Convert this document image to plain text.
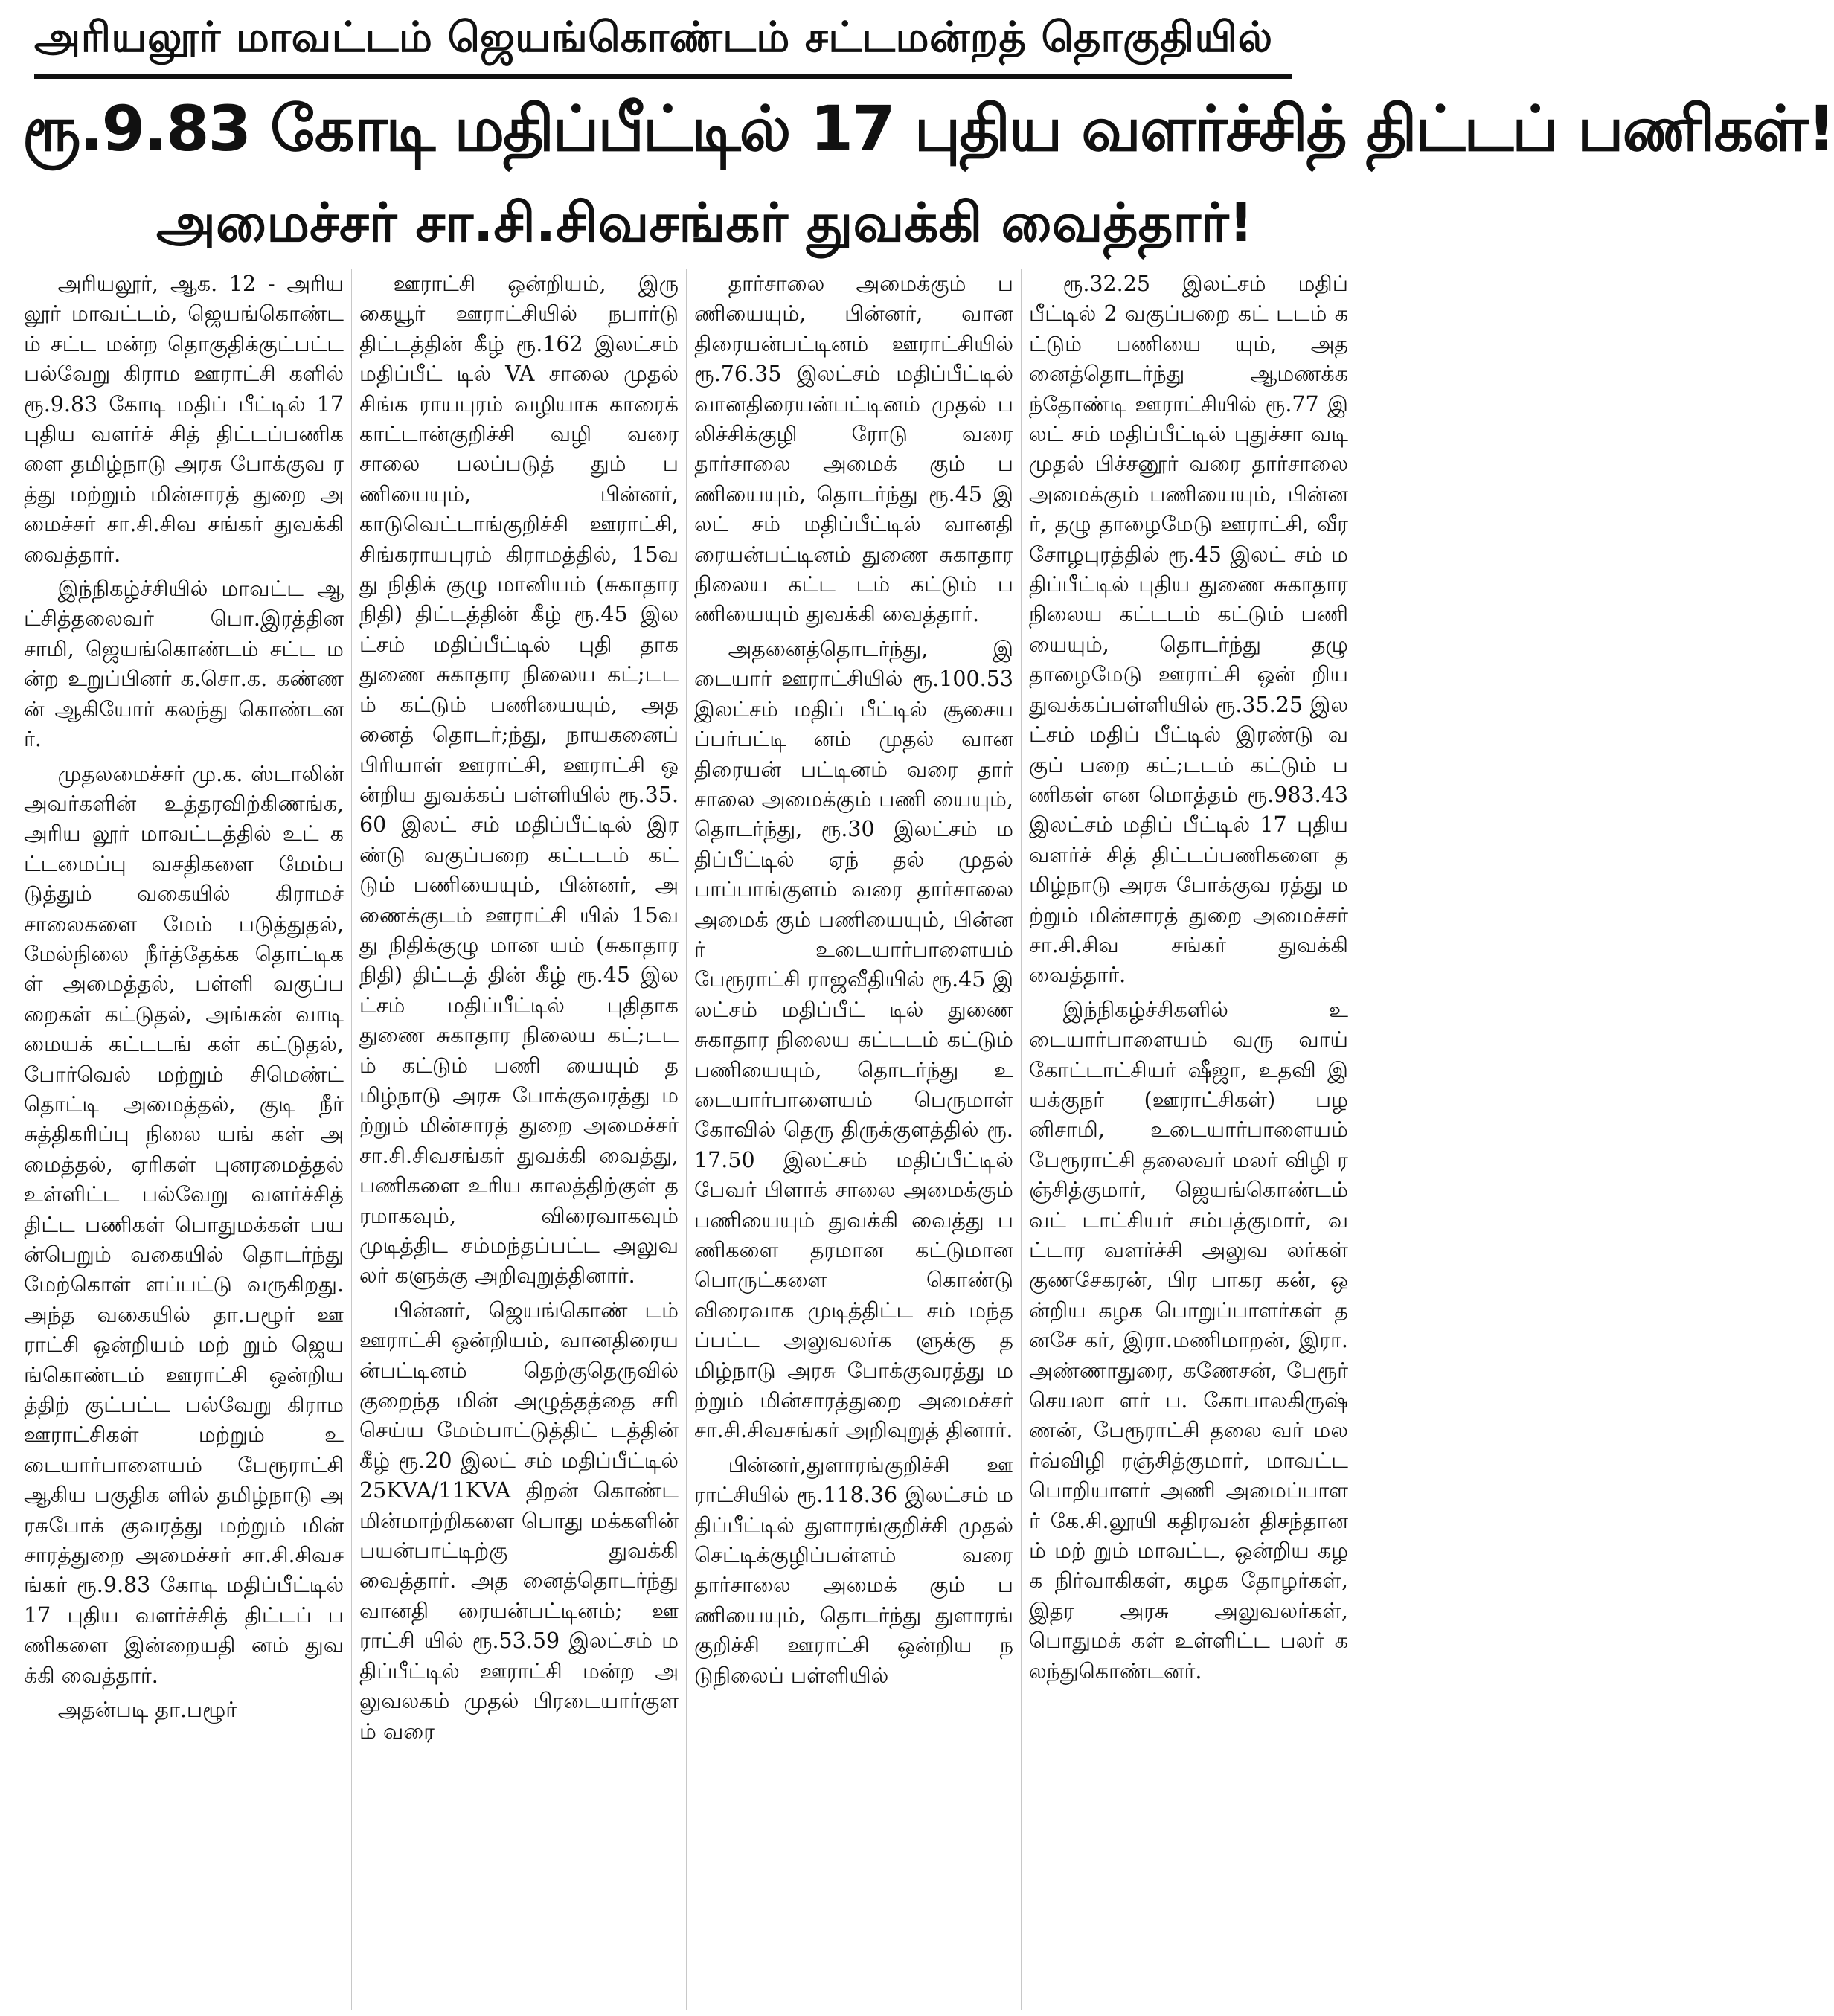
அரியலூர் மாவட்டம் ஜெயங்கொண்டம் சட்டமன்றத் தொகுதியில்
ரூ.9.83 கோடி மதிப்பீட்டில் 17 புதிய வளர்ச்சித் திட்டப் பணிகள்!
அமைச்சர் சா.சி.சிவசங்கர் துவக்கி வைத்தார்!

அரியலூர், ஆக. 12 - அரியலூர் மாவட்டம், ஜெயங்கொண்டம் சட்ட மன்ற தொகுதிக்குட்பட்ட பல்வேறு கிராம ஊராட்சி களில் ரூ.9.83 கோடி மதிப் பீட்டில் 17 புதிய வளர்ச் சித் திட்டப்பணிகளை தமிழ்நாடு அரசு போக்குவ ரத்து மற்றும் மின்சாரத் துறை அமைச்சர் சா.சி.சிவ சங்கர் துவக்கி வைத்தார்.

இந்நிகழ்ச்சியில் மாவட்ட ஆட்சித்தலைவர் பொ.இரத்தினசாமி, ஜெயங்கொண்டம் சட்ட மன்ற உறுப்பினர் க.சொ.க. கண்ணன் ஆகியோர் கலந்து கொண்டனர்.

முதலமைச்சர் மு.க. ஸ்டாலின் அவர்களின் உத்தரவிற்கிணங்க, அரிய லூர் மாவட்டத்தில் உட் கட்டமைப்பு வசதிகளை மேம்படுத்தும் வகையில் கிராமச் சாலைகளை மேம் படுத்துதல், மேல்நிலை நீர்த்தேக்க தொட்டிகள் அமைத்தல், பள்ளி வகுப்ப றைகள் கட்டுதல், அங்கன் வாடி மையக் கட்டடங் கள் கட்டுதல், போர்வெல் மற்றும் சிமெண்ட் தொட்டி அமைத்தல், குடி நீர் சுத்திகரிப்பு நிலை யங் கள் அமைத்தல், ஏரிகள் புனரமைத்தல் உள்ளிட்ட பல்வேறு வளர்ச்சித் திட்ட பணிகள் பொதுமக்கள் பயன்பெறும் வகையில் தொடர்ந்து மேற்கொள் ளப்பட்டு வருகிறது. அந்த வகையில் தா.பழூர் ஊராட்சி ஒன்றியம் மற் றும் ஜெயங்கொண்டம் ஊராட்சி ஒன்றியத்திற் குட்பட்ட பல்வேறு கிராம ஊராட்சிகள் மற்றும் உடையார்பாளையம் பேரூராட்சி ஆகிய பகுதிக ளில் தமிழ்நாடு அரசுபோக் குவரத்து மற்றும் மின் சாரத்துறை அமைச்சர் சா.சி.சிவசங்கர் ரூ.9.83 கோடி மதிப்பீட்டில் 17 புதிய வளர்ச்சித் திட்டப் பணிகளை இன்றையதி னம் துவக்கி வைத்தார்.

அதன்படி தா.பழூர்

ஊராட்சி ஒன்றியம், இரு கையூர் ஊராட்சியில் நபார்டு திட்டத்தின் கீழ் ரூ.162 இலட்சம் மதிப்பீட் டில் VA சாலை முதல் சிங்க ராயபுரம் வழியாக காரைக் காட்டான்குறிச்சி வழி வரை சாலை பலப்படுத் தும் பணியையும், பின்னர், காடுவெட்டாங்குறிச்சி ஊராட்சி, சிங்கராயபுரம் கிராமத்தில், 15வது நிதிக் குழு மானியம் (சுகாதார நிதி) திட்டத்தின் கீழ் ரூ.45 இலட்சம் மதிப்பீட்டில் புதி தாக துணை சுகாதார நிலைய கட்;டடம் கட்டும் பணியையும், அதனைத் தொடர்;ந்து, நாயகனைப் பிரியாள் ஊராட்சி, ஊராட்சி ஒன்றிய துவக்கப் பள்ளியில் ரூ.35.60 இலட் சம் மதிப்பீட்டில் இரண்டு வகுப்பறை கட்டடம் கட் டும் பணியையும், பின்னர், அணைக்குடம் ஊராட்சி யில் 15வது நிதிக்குழு மான யம் (சுகாதார நிதி) திட்டத் தின் கீழ் ரூ.45 இலட்சம் மதிப்பீட்டில் புதிதாக துணை சுகாதார நிலைய கட்;டடம் கட்டும் பணி யையும் தமிழ்நாடு அரசு போக்குவரத்து மற்றும் மின்சாரத் துறை அமைச்சர் சா.சி.சிவசங்கர் துவக்கி வைத்து, பணிகளை உரிய காலத்திற்குள் தரமாகவும், விரைவாகவும் முடித்திட சம்மந்தப்பட்ட அலுவலர் களுக்கு அறிவுறுத்தினார்.

பின்னர், ஜெயங்கொண் டம் ஊராட்சி ஒன்றியம், வானதிரையன்பட்டினம் தெற்குதெருவில் குறைந்த மின் அழுத்தத்தை சரி செய்ய மேம்பாட்டுத்திட் டத்தின் கீழ் ரூ.20 இலட் சம் மதிப்பீட்டில் 25KVA/11KVA திறன் கொண்ட மின்மாற்றிகளை பொது மக்களின் பயன்பாட்டிற்கு துவக்கி வைத்தார். அத னைத்தொடர்ந்து வானதி ரையன்பட்டினம்; ஊராட்சி யில் ரூ.53.59 இலட்சம் மதிப்பீட்டில் ஊராட்சி மன்ற அலுவலகம் முதல் பிரடையார்குளம் வரை

தார்சாலை அமைக்கும் பணியையும், பின்னர், வானதிரையன்பட்டினம் ஊராட்சியில் ரூ.76.35 இலட்சம் மதிப்பீட்டில் வானதிரையன்பட்டினம் முதல் பலிச்சிக்குழி ரோடு வரை தார்சாலை அமைக் கும் பணியையும், தொடர்ந்து ரூ.45 இலட் சம் மதிப்பீட்டில் வானதி ரையன்பட்டினம் துணை சுகாதார நிலைய கட்ட டம் கட்டும் பணியையும் துவக்கி வைத்தார்.

அதனைத்தொடர்ந்து, இடையார் ஊராட்சியில் ரூ.100.53 இலட்சம் மதிப் பீட்டில் சூசையப்பர்பட்டி னம் முதல் வானதிரையன் பட்டினம் வரை தார் சாலை அமைக்கும் பணி யையும், தொடர்ந்து, ரூ.30 இலட்சம் மதிப்பீட்டில் ஏந் தல் முதல் பாப்பாங்குளம் வரை தார்சாலை அமைக் கும் பணியையும், பின்னர் உடையார்பாளையம் பேரூராட்சி ராஜவீதியில் ரூ.45 இலட்சம் மதிப்பீட் டில் துணை சுகாதார நிலைய கட்டடம் கட்டும் பணியையும், தொடர்ந்து உடையார்பாளையம் பெருமாள் கோவில் தெரு திருக்குளத்தில் ரூ.17.50 இலட்சம் மதிப்பீட்டில் பேவர் பிளாக் சாலை அமைக்கும் பணியையும் துவக்கி வைத்து பணிகளை தரமான கட்டுமான பொருட்களை கொண்டு விரைவாக முடித்திட்ட சம் மந்தப்பட்ட அலுவலர்க ளுக்கு தமிழ்நாடு அரசு போக்குவரத்து மற்றும் மின்சாரத்துறை அமைச்சர் சா.சி.சிவசங்கர் அறிவுறுத் தினார்.

பின்னர்,துளாரங்குறிச்சி ஊராட்சியில் ரூ.118.36 இலட்சம் மதிப்பீட்டில் துளாரங்குறிச்சி முதல் செட்டிக்குழிப்பள்ளம் வரை தார்சாலை அமைக் கும் பணியையும், தொடர்ந்து துளாரங் குறிச்சி ஊராட்சி ஒன்றிய நடுநிலைப் பள்ளியில்

ரூ.32.25 இலட்சம் மதிப் பீட்டில் 2 வகுப்பறை கட் டடம் கட்டும் பணியை யும், அதனைத்தொடர்ந்து ஆமணக்கந்தோண்டி ஊராட்சியில் ரூ.77 இலட் சம் மதிப்பீட்டில் புதுச்சா வடி முதல் பிச்சனூர் வரை தார்சாலை அமைக்கும் பணியையும், பின்னர், தழு தாழைமேடு ஊராட்சி, வீர சோழபுரத்தில் ரூ.45 இலட் சம் மதிப்பீட்டில் புதிய துணை சுகாதார நிலைய கட்டடம் கட்டும் பணி யையும், தொடர்ந்து தழு தாழைமேடு ஊராட்சி ஒன் றிய துவக்கப்பள்ளியில் ரூ.35.25 இலட்சம் மதிப் பீட்டில் இரண்டு வகுப் பறை கட்;டடம் கட்டும் பணிகள் என மொத்தம் ரூ.983.43 இலட்சம் மதிப் பீட்டில் 17 புதிய வளர்ச் சித் திட்டப்பணிகளை தமிழ்நாடு அரசு போக்குவ ரத்து மற்றும் மின்சாரத் துறை அமைச்சர் சா.சி.சிவ சங்கர் துவக்கி வைத்தார்.

இந்நிகழ்ச்சிகளில் உடையார்பாளையம் வரு வாய் கோட்டாட்சியர் ஷீஜா, உதவி இயக்குநர் (ஊராட்சிகள்) பழனிசாமி, உடையார்பாளையம் பேரூராட்சி தலைவர் மலர் விழி ரஞ்சித்குமார், ஜெயங்கொண்டம் வட் டாட்சியர் சம்பத்குமார், வட்டார வளர்ச்சி அலுவ லர்கள் குணசேகரன், பிர பாகர கன், ஒன்றிய கழக பொறுப்பாளர்கள் தனசே கர், இரா.மணிமாறன், இரா.அண்ணாதுரை, கணேசன், பேரூர் செயலா ளர் ப. கோபாலகிருஷ் ணன், பேரூராட்சி தலை வர் மலர்வ்விழி ரஞ்சித்குமார், மாவட்ட பொறியாளர் அணி அமைப்பாளர் கே.சி.லூயி கதிரவன் திசந்தானம் மற் றும் மாவட்ட, ஒன்றிய கழக நிர்வாகிகள், கழக தோழர்கள், இதர அரசு அலுவலர்கள், பொதுமக் கள் உள்ளிட்ட பலர் கலந்துகொண்டனர்.
